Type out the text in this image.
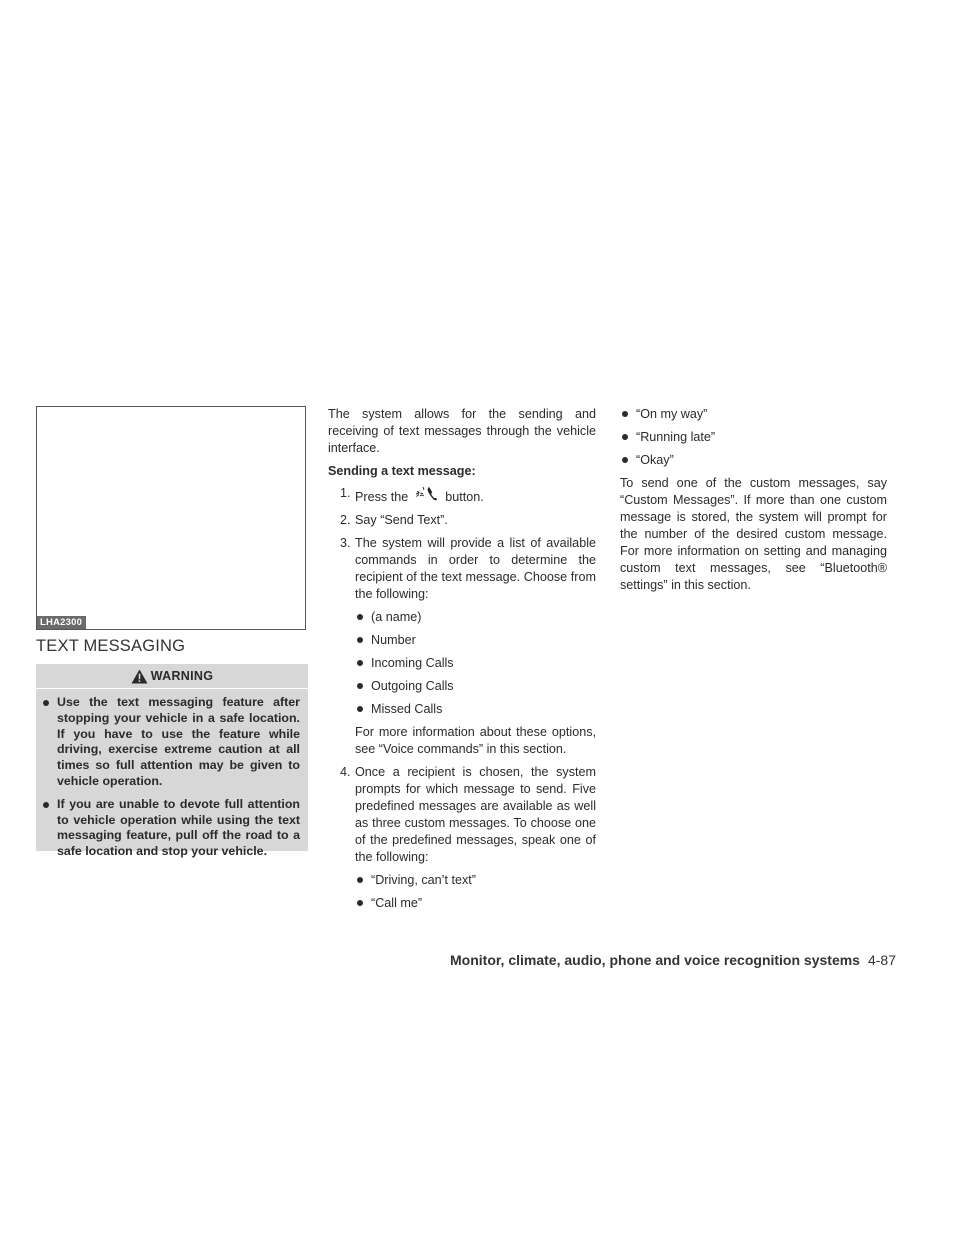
LHA2300
TEXT MESSAGING
WARNING
Use the text messaging feature after stopping your vehicle in a safe location. If you have to use the feature while driving, exercise extreme caution at all times so full attention may be given to vehicle operation.
If you are unable to devote full attention to vehicle operation while using the text messaging feature, pull off the road to a safe location and stop your vehicle.

The system allows for the sending and receiving of text messages through the vehicle interface.

Sending a text message:

1. Press the	button.
2. Say “Send Text”.
3. The system will provide a list of available commands in order to determine the recipient of the text message. Choose from the following:
(a name)
Number
Incoming Calls
Outgoing Calls
Missed Calls

For more information about these options, see “Voice commands” in this section.

4. Once a recipient is chosen, the system prompts for which message to send. Five predefined messages are available as well as three custom messages. To choose one of the predefined messages, speak one of the following:
“Driving, can’t text”
“Call me”
“On my way”
“Running late”
“Okay”

To send one of the custom messages, say “Custom Messages”. If more than one custom message is stored, the system will prompt for the number of the desired custom message. For more information on setting and managing custom text messages, see “Bluetooth® settings” in this section.

Monitor, climate, audio, phone and voice recognition systems 4-87
